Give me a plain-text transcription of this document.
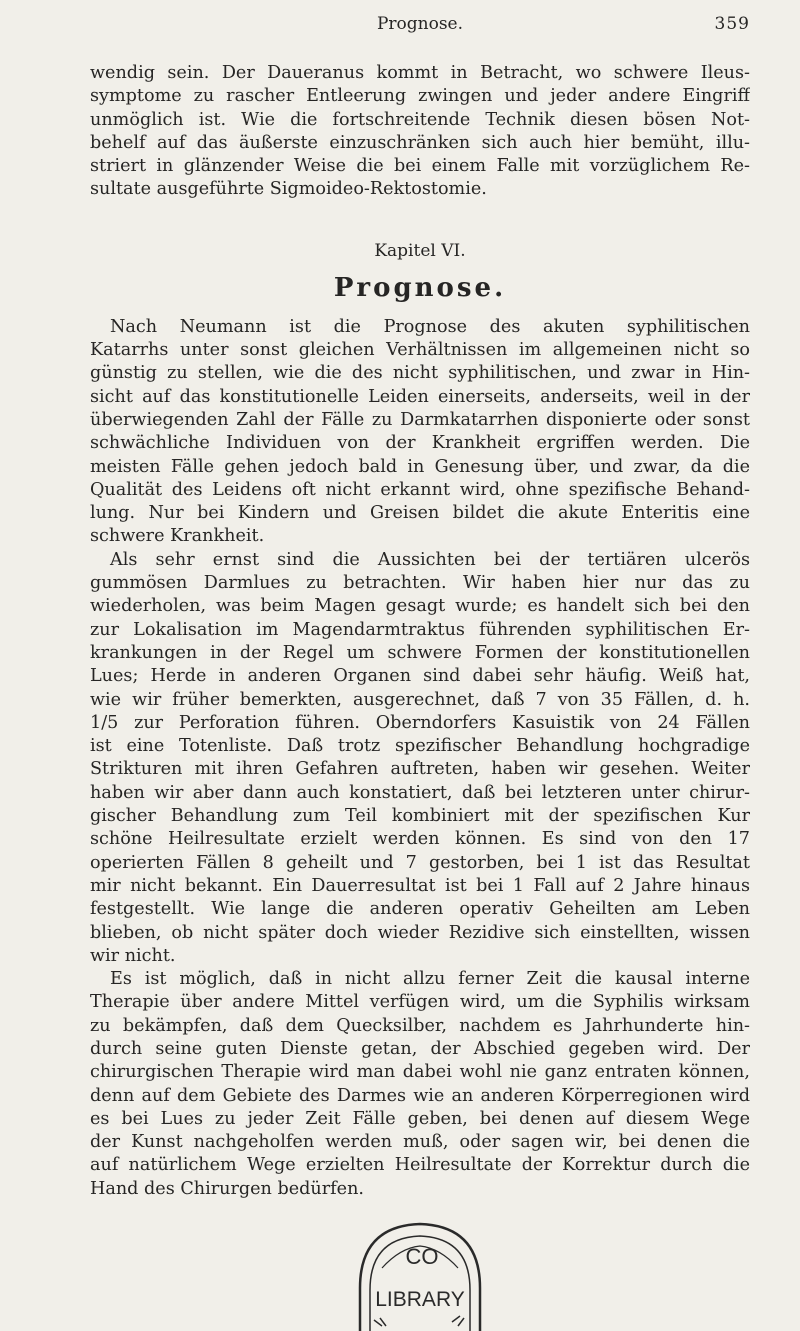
Prognose.	359
wendig sein. Der Daueranus kommt in Betracht, wo schwere Ileus-
symptome zu rascher Entleerung zwingen und jeder andere Eingriff
unmöglich ist. Wie die fortschreitende Technik diesen bösen Not-
behelf auf das äußerste einzuschränken sich auch hier bemüht, illu-
striert in glänzender Weise die bei einem Falle mit vorzüglichem Re-
sultate ausgeführte Sigmoideo-Rektostomie.
Kapitel VI.
Prognose.
Nach Neumann ist die Prognose des akuten syphilitischen
Katarrhs unter sonst gleichen Verhältnissen im allgemeinen nicht so
günstig zu stellen, wie die des nicht syphilitischen, und zwar in Hin-
sicht auf das konstitutionelle Leiden einerseits, anderseits, weil in der
überwiegenden Zahl der Fälle zu Darmkatarrhen disponierte oder sonst
schwächliche Individuen von der Krankheit ergriffen werden. Die
meisten Fälle gehen jedoch bald in Genesung über, und zwar, da die
Qualität des Leidens oft nicht erkannt wird, ohne spezifische Behand-
lung. Nur bei Kindern und Greisen bildet die akute Enteritis eine
schwere Krankheit.
Als sehr ernst sind die Aussichten bei der tertiären ulcerös
gummösen Darmlues zu betrachten. Wir haben hier nur das zu
wiederholen, was beim Magen gesagt wurde; es handelt sich bei den
zur Lokalisation im Magendarmtraktus führenden syphilitischen Er-
krankungen in der Regel um schwere Formen der konstitutionellen
Lues; Herde in anderen Organen sind dabei sehr häufig. Weiß hat,
wie wir früher bemerkten, ausgerechnet, daß 7 von 35 Fällen, d. h.
1/5 zur Perforation führen. Oberndorfers Kasuistik von 24 Fällen
ist eine Totenliste. Daß trotz spezifischer Behandlung hochgradige
Strikturen mit ihren Gefahren auftreten, haben wir gesehen. Weiter
haben wir aber dann auch konstatiert, daß bei letzteren unter chirur-
gischer Behandlung zum Teil kombiniert mit der spezifischen Kur
schöne Heilresultate erzielt werden können. Es sind von den 17
operierten Fällen 8 geheilt und 7 gestorben, bei 1 ist das Resultat
mir nicht bekannt. Ein Dauerresultat ist bei 1 Fall auf 2 Jahre hinaus
festgestellt. Wie lange die anderen operativ Geheilten am Leben
blieben, ob nicht später doch wieder Rezidive sich einstellten, wissen
wir nicht.
Es ist möglich, daß in nicht allzu ferner Zeit die kausal interne
Therapie über andere Mittel verfügen wird, um die Syphilis wirksam
zu bekämpfen, daß dem Quecksilber, nachdem es Jahrhunderte hin-
durch seine guten Dienste getan, der Abschied gegeben wird. Der
chirurgischen Therapie wird man dabei wohl nie ganz entraten können,
denn auf dem Gebiete des Darmes wie an anderen Körperregionen wird
es bei Lues zu jeder Zeit Fälle geben, bei denen auf diesem Wege
der Kunst nachgeholfen werden muß, oder sagen wir, bei denen die
auf natürlichem Wege erzielten Heilresultate der Korrektur durch die
Hand des Chirurgen bedürfen.
CO
LIBRARY
